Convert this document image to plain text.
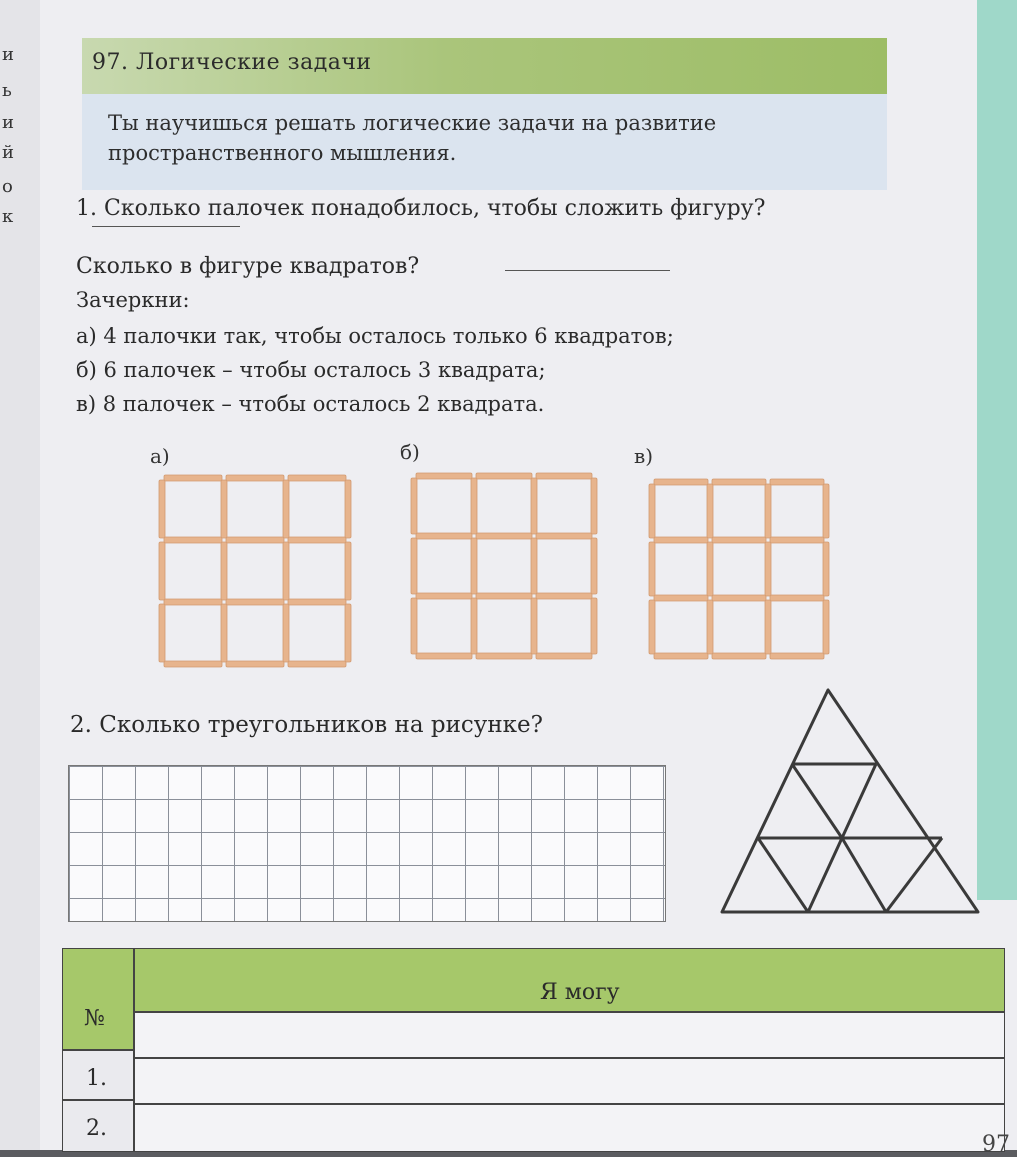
и
ь
и
й
о
к
97. Логические задачи
Ты научишься решать логические задачи на развитие
пространственного мышления.
1. Сколько палочек понадобилось, чтобы сложить фигуру?
Сколько в фигуре квадратов?
Зачеркни:
а) 4 палочки так, чтобы осталось только 6 квадратов;
б) 6 палочек – чтобы осталось 3 квадрата;
в) 8 палочек – чтобы осталось 2 квадрата.
а)	б)	в)
2. Сколько треугольников на рисунке?
№
Я могу
1.
2.
97
